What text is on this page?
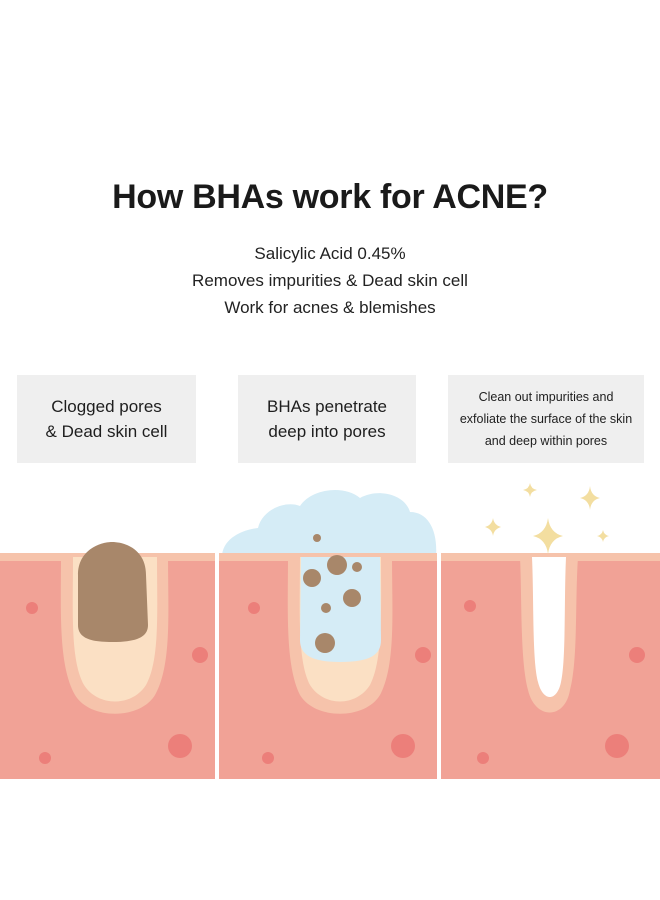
How BHAs work for ACNE?
Salicylic Acid 0.45%
Removes impurities & Dead skin cell
Work for acnes & blemishes
Clogged pores
& Dead skin cell
BHAs penetrate
deep into pores
Clean out impurities and
exfoliate the surface of the skin
and deep within pores
